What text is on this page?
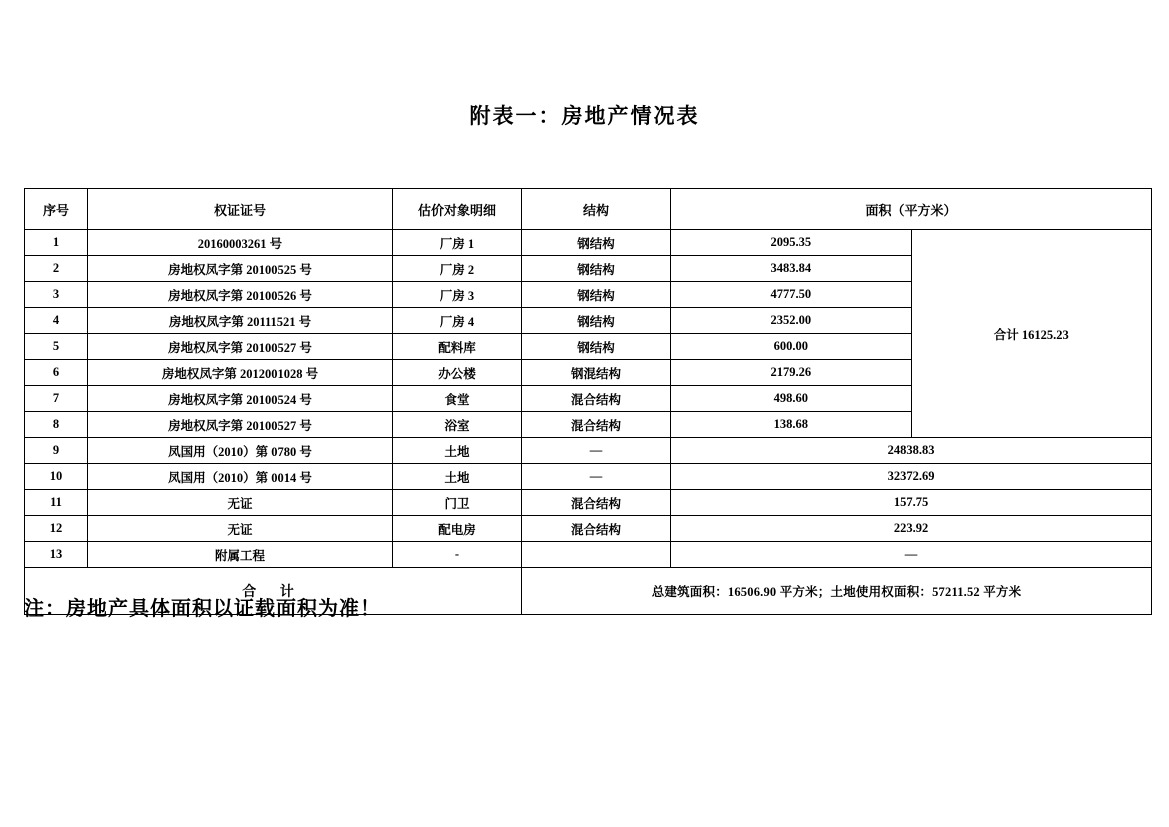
附表一：房地产情况表
序号	权证证号	估价对象明细	结构	面积（平方米）	
1	20160003261 号	厂房 1	钢结构	2095.35	合计 16125.23
2	房地权凤字第 20100525 号	厂房 2	钢结构	3483.84	
3	房地权凤字第 20100526 号	厂房 3	钢结构	4777.50	
4	房地权凤字第 20111521 号	厂房 4	钢结构	2352.00	
5	房地权凤字第 20100527 号	配料库	钢结构	600.00	
6	房地权凤字第 2012001028 号	办公楼	钢混结构	2179.26	
7	房地权凤字第 20100524 号	食堂	混合结构	498.60	
8	房地权凤字第 20100527 号	浴室	混合结构	138.68	
9	凤国用（2010）第 0780 号	土地	—	24838.83	
10	凤国用（2010）第 0014 号	土地	—	32372.69	
11	无证	门卫	混合结构	157.75	
12	无证	配电房	混合结构	223.92	
13	附属工程	-		—	
合 计			总建筑面积：16506.90 平方米；土地使用权面积：57211.52 平方米		
注：房地产具体面积以证载面积为准！
